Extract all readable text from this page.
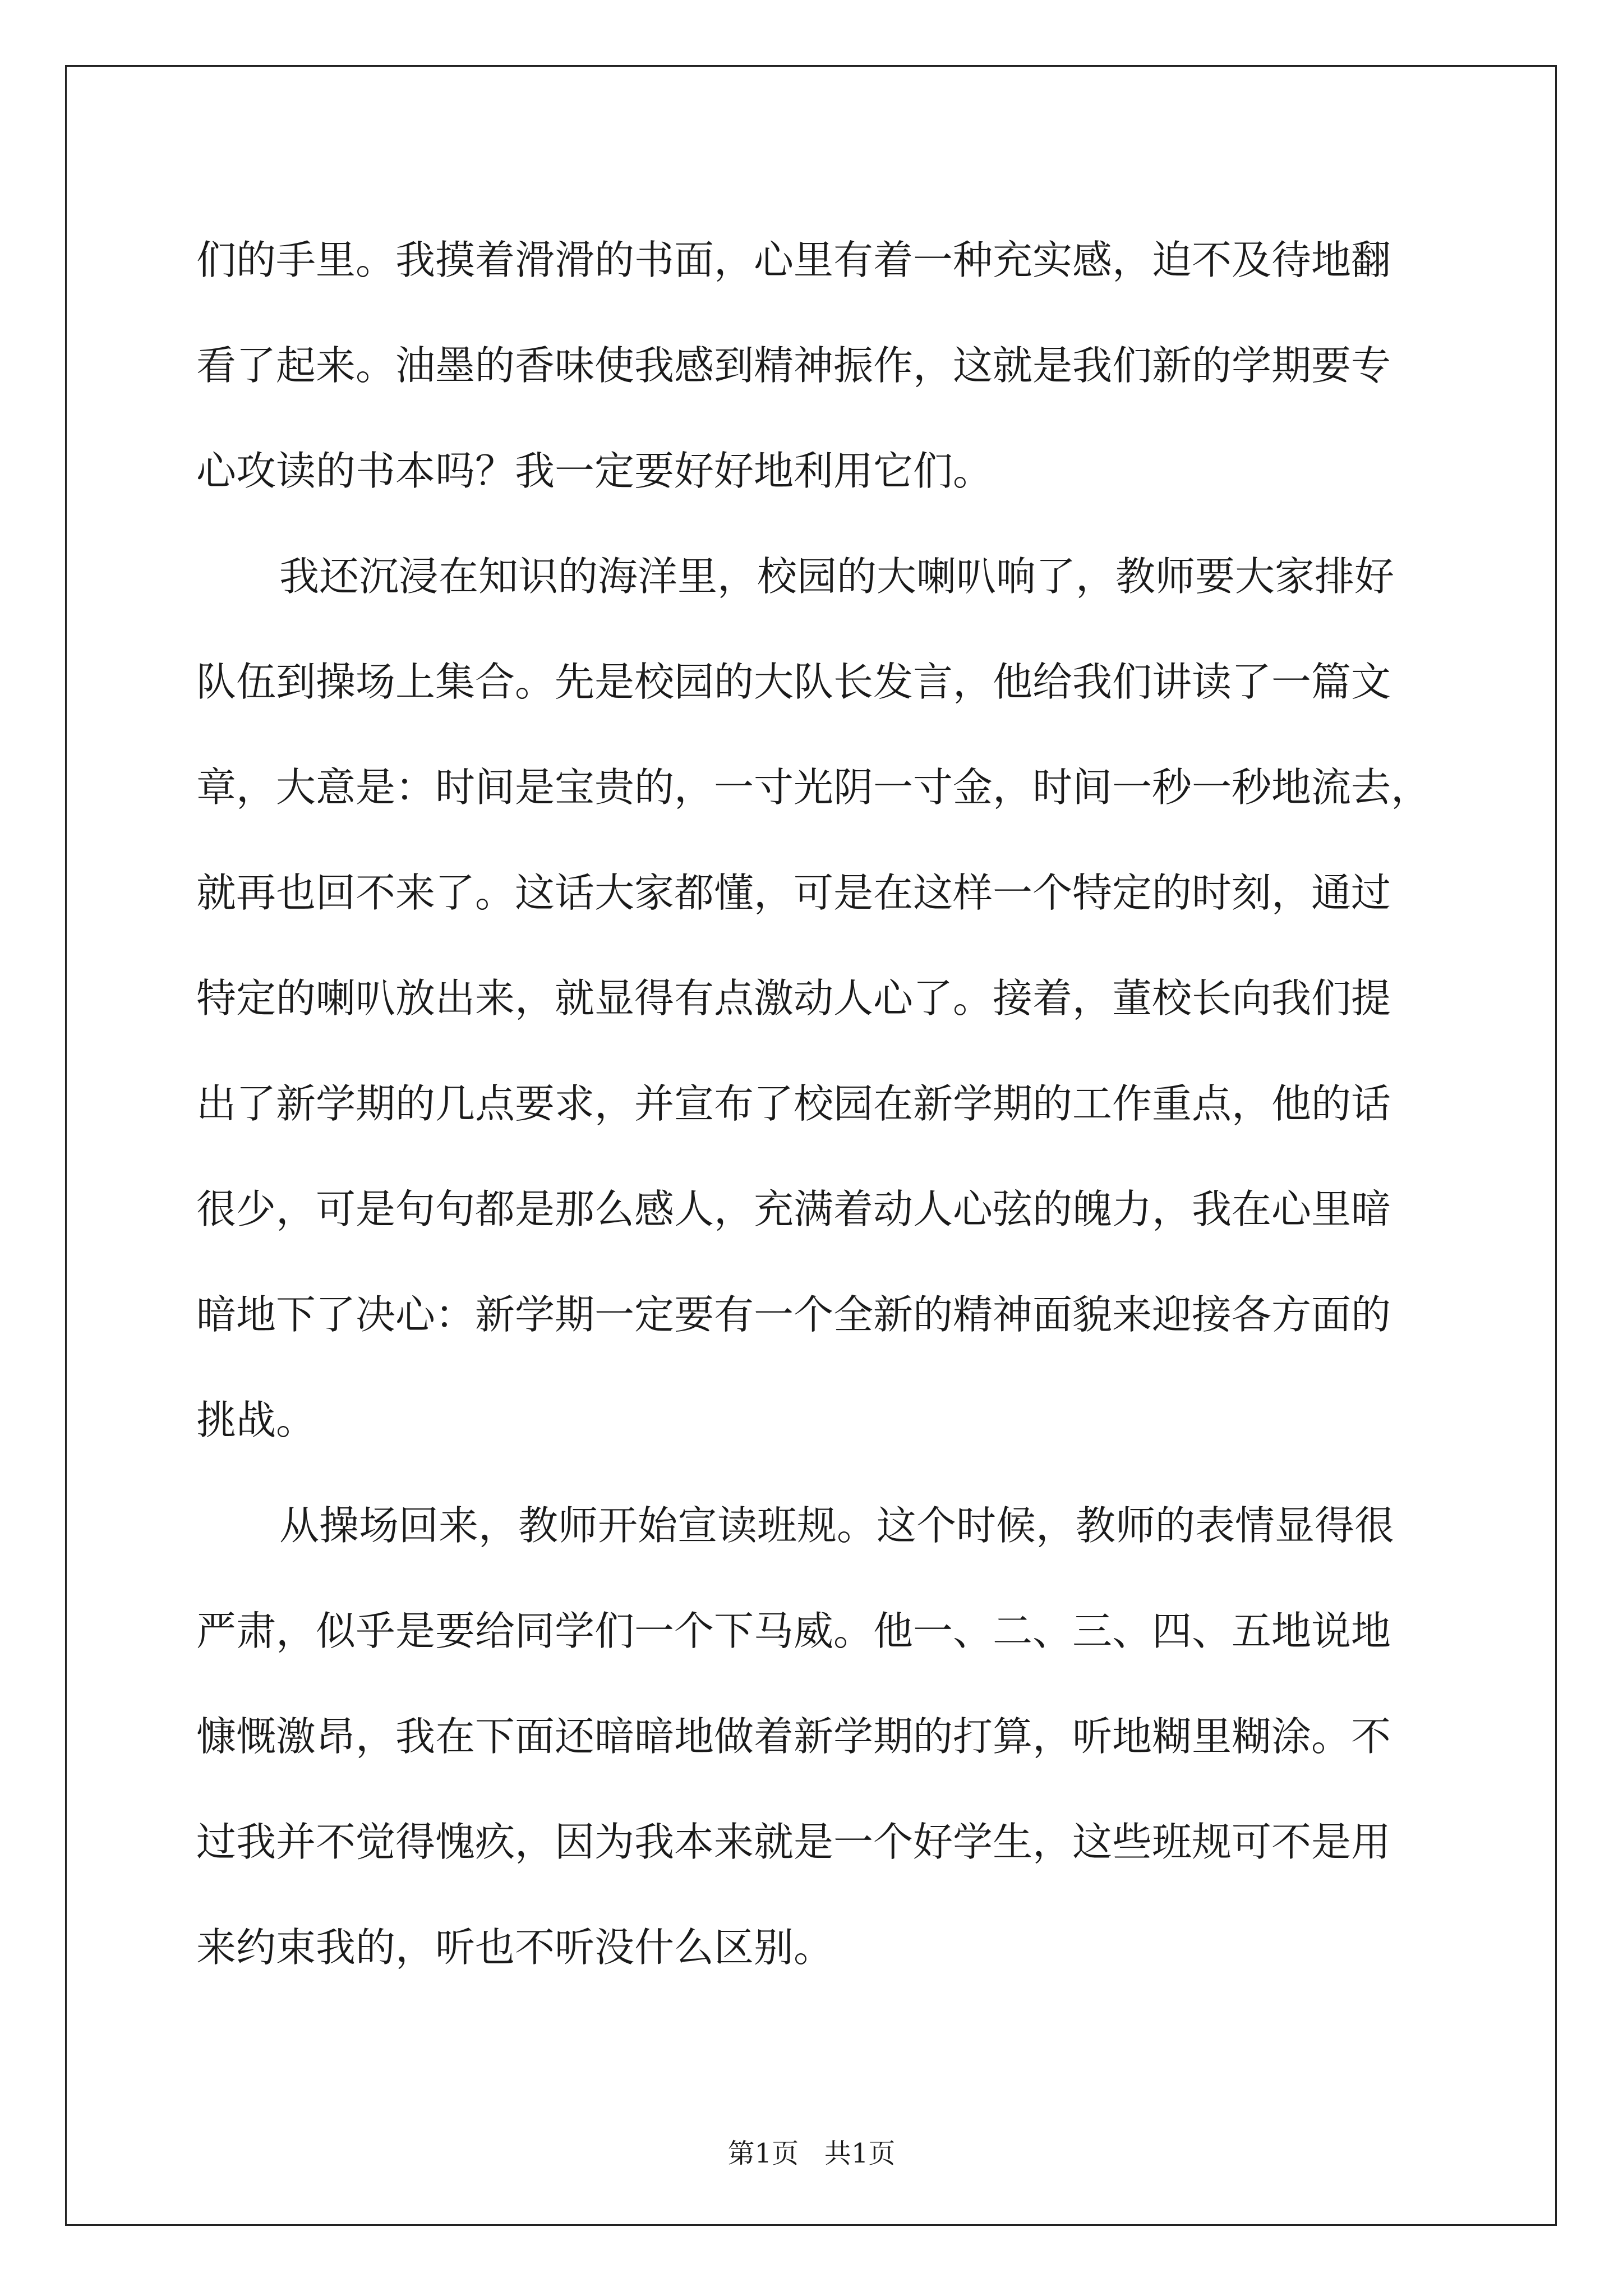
们的手里。我摸着滑滑的书面，心里有着一种充实感，迫不及待地翻
看了起来。油墨的香味使我感到精神振作，这就是我们新的学期要专
心攻读的书本吗？我一定要好好地利用它们。
我还沉浸在知识的海洋里，校园的大喇叭响了，教师要大家排好
队伍到操场上集合。先是校园的大队长发言，他给我们讲读了一篇文
章，大意是：时间是宝贵的，一寸光阴一寸金，时间一秒一秒地流去，
就再也回不来了。这话大家都懂，可是在这样一个特定的时刻，通过
特定的喇叭放出来，就显得有点激动人心了。接着，董校长向我们提
出了新学期的几点要求，并宣布了校园在新学期的工作重点，他的话
很少，可是句句都是那么感人，充满着动人心弦的魄力，我在心里暗
暗地下了决心：新学期一定要有一个全新的精神面貌来迎接各方面的
挑战。
从操场回来，教师开始宣读班规。这个时候，教师的表情显得很
严肃，似乎是要给同学们一个下马威。他一、二、三、四、五地说地
慷慨激昂，我在下面还暗暗地做着新学期的打算，听地糊里糊涂。不
过我并不觉得愧疚，因为我本来就是一个好学生，这些班规可不是用
来约束我的，听也不听没什么区别。
第1页   共1页
